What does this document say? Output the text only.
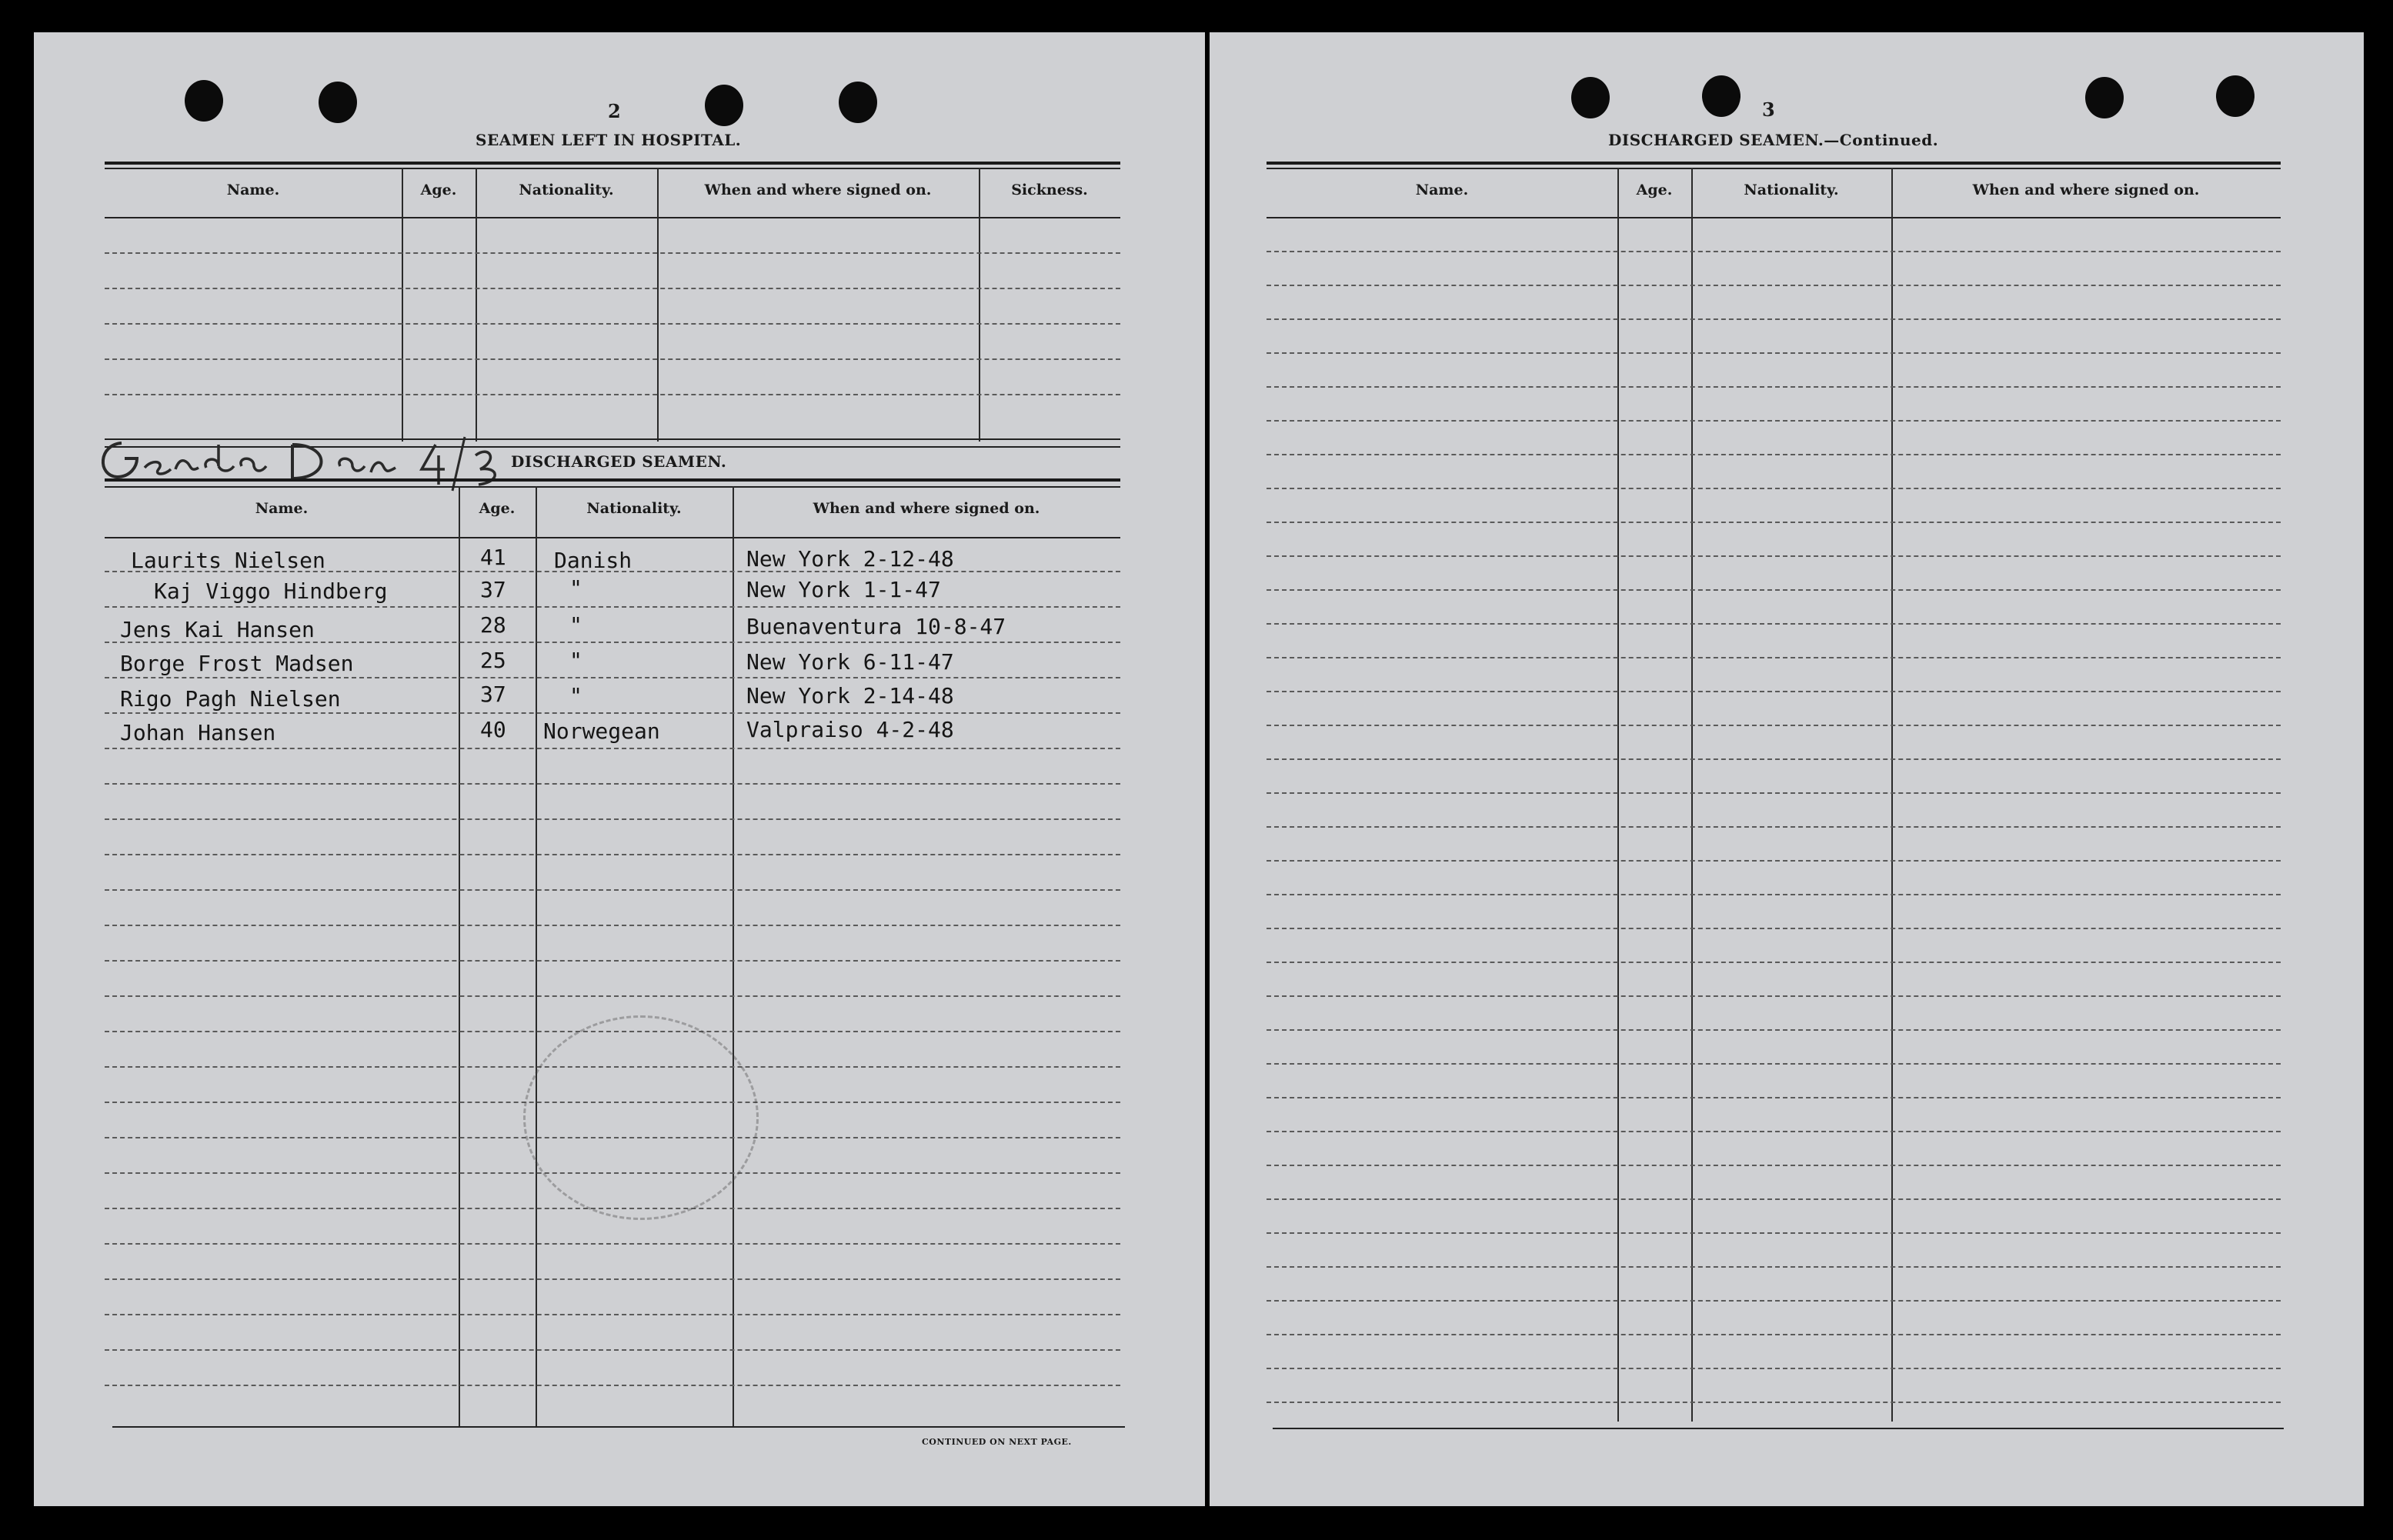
2
SEAMEN LEFT IN HOSPITAL.
Name.	Age.	Nationality.	When and where signed on.	Sickness.
DISCHARGED SEAMEN.
Name.	Age.	Nationality.	When and where signed on.
Laurits Nielsen	41 Danish	New York 2-12-48
Kaj Viggo Hindberg	37	"	New York 1-1-47
Jens Kai Hansen	28	"	Buenaventura 10-8-47
Borge Frost Madsen	25	"	New York 6-11-47
Rigo Pagh Nielsen	37	"	New York 2-14-48
Johan Hansen	40 Norwegean	Valpraiso 4-2-48
CONTINUED ON NEXT PAGE.
3
DISCHARGED SEAMEN.—Continued.
Name.	Age.	Nationality.	When and where signed on.
